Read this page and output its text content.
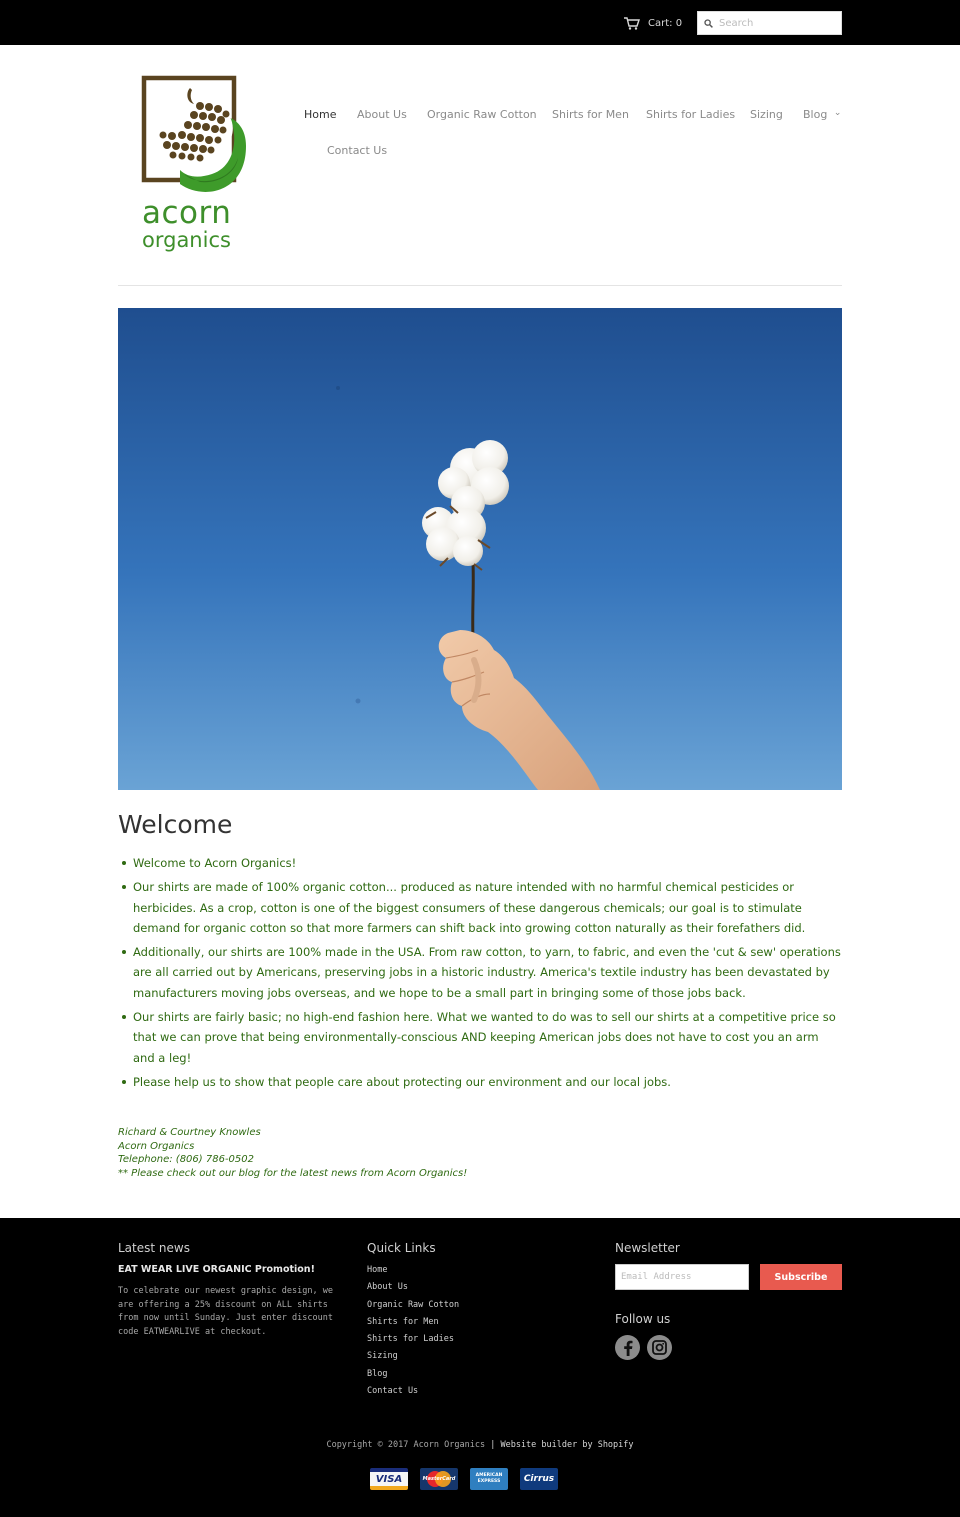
Cart: 0
Search
acorn
organics
Home About Us Organic Raw Cotton Shirts for Men Shirts for Ladies Sizing Blog ⌄
Contact Us
Welcome
Welcome to Acorn Organics!
Our shirts are made of 100% organic cotton... produced as nature intended with no harmful chemical pesticides or herbicides. As a crop, cotton is one of the biggest consumers of these dangerous chemicals; our goal is to stimulate demand for organic cotton so that more farmers can shift back into growing cotton naturally as their forefathers did.
Additionally, our shirts are 100% made in the USA. From raw cotton, to yarn, to fabric, and even the 'cut & sew' operations are all carried out by Americans, preserving jobs in a historic industry. America's textile industry has been devastated by manufacturers moving jobs overseas, and we hope to be a small part in bringing some of those jobs back.
Our shirts are fairly basic; no high-end fashion here. What we wanted to do was to sell our shirts at a competitive price so that we can prove that being environmentally-conscious AND keeping American jobs does not have to cost you an arm and a leg!
Please help us to show that people care about protecting our environment and our local jobs.
Richard & Courtney Knowles
Acorn Organics
Telephone: (806) 786-0502
** Please check out our blog for the latest news from Acorn Organics!
Latest news
EAT WEAR LIVE ORGANIC Promotion!
To celebrate our newest graphic design, we are offering a 25% discount on ALL shirts from now until Sunday. Just enter discount code EATWEARLIVE at checkout.
Quick Links
Home
About Us
Organic Raw Cotton
Shirts for Men
Shirts for Ladies
Sizing
Blog
Contact Us
Newsletter
Email Address
Subscribe
Follow us
Copyright © 2017 Acorn Organics | Website builder by Shopify
VISA	MasterCard
AMERICAN EXPRESS	Cirrus
